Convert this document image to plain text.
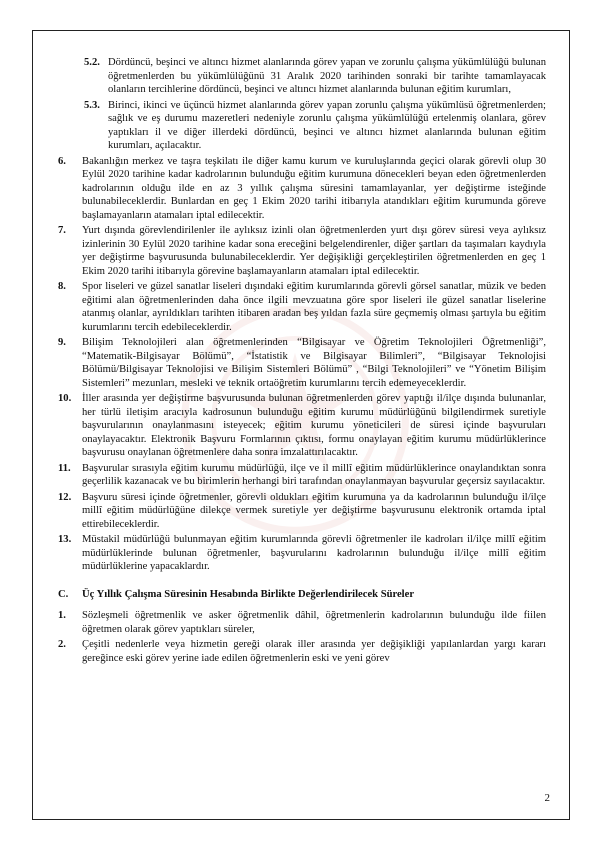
5.2. Dördüncü, beşinci ve altıncı hizmet alanlarında görev yapan ve zorunlu çalışma yükümlülüğü bulunan öğretmenlerden bu yükümlülüğünü 31 Aralık 2020 tarihinden sonraki bir tarihte tamamlayacak olanların tercihlerine dördüncü, beşinci ve altıncı hizmet alanlarında bulunan eğitim kurumları,
5.3. Birinci, ikinci ve üçüncü hizmet alanlarında görev yapan zorunlu çalışma yükümlüsü öğretmenlerden; sağlık ve eş durumu mazeretleri nedeniyle zorunlu çalışma yükümlülüğü ertelenmiş olanlara, görev yaptıkları il ve diğer illerdeki dördüncü, beşinci ve altıncı hizmet alanlarında bulunan eğitim kurumları, açılacaktır.
6. Bakanlığın merkez ve taşra teşkilatı ile diğer kamu kurum ve kuruluşlarında geçici olarak görevli olup 30 Eylül 2020 tarihine kadar kadrolarının bulunduğu eğitim kurumuna dönecekleri beyan eden öğretmenlerden kadrolarının olduğu ilde en az 3 yıllık çalışma süresini tamamlayanlar, yer değiştirme isteğinde bulunabileceklerdir. Bunlardan en geç 1 Ekim 2020 tarihi itibarıyla atandıkları eğitim kurumunda göreve başlamayanların atamaları iptal edilecektir.
7. Yurt dışında görevlendirilenler ile aylıksız izinli olan öğretmenlerden yurt dışı görev süresi veya aylıksız izinlerinin 30 Eylül 2020 tarihine kadar sona ereceğini belgelendirenler, diğer şartları da taşımaları kaydıyla yer değiştirme başvurusunda bulunabileceklerdir. Yer değişikliği gerçekleştirilen öğretmenlerden en geç 1 Ekim 2020 tarihi itibarıyla görevine başlamayanların atamaları iptal edilecektir.
8. Spor liseleri ve güzel sanatlar liseleri dışındaki eğitim kurumlarında görevli görsel sanatlar, müzik ve beden eğitimi alan öğretmenlerinden daha önce ilgili mevzuatına göre spor liseleri ile güzel sanatlar liselerine atanmış olanlar, ayrıldıkları tarihten itibaren aradan beş yıldan fazla süre geçmemiş olması şartıyla bu eğitim kurumlarını tercih edebileceklerdir.
9. Bilişim Teknolojileri alan öğretmenlerinden “Bilgisayar ve Öğretim Teknolojileri Öğretmenliği”, “Matematik-Bilgisayar Bölümü”, “İstatistik ve Bilgisayar Bilimleri”, “Bilgisayar Teknolojisi Bölümü/Bilgisayar Teknolojisi ve Bilişim Sistemleri Bölümü” , “Bilgi Teknolojileri” ve “Yönetim Bilişim Sistemleri” mezunları, mesleki ve teknik ortaöğretim kurumlarını tercih edemeyeceklerdir.
10. İller arasında yer değiştirme başvurusunda bulunan öğretmenlerden görev yaptığı il/ilçe dışında bulunanlar, her türlü iletişim aracıyla kadrosunun bulunduğu eğitim kurumu müdürlüğünü bilgilendirmek suretiyle başvurularının onaylanmasını isteyecek; eğitim kurumu yöneticileri de süresi içinde başvuruları onaylayacaktır. Elektronik Başvuru Formlarının çıktısı, formu onaylayan eğitim kurumu müdürlüklerince başvurusu onaylanan öğretmenlere daha sonra imzalattırılacaktır.
11. Başvurular sırasıyla eğitim kurumu müdürlüğü, ilçe ve il millî eğitim müdürlüklerince onaylandıktan sonra geçerlilik kazanacak ve bu birimlerin herhangi biri tarafından onaylanmayan başvurular geçersiz sayılacaktır.
12. Başvuru süresi içinde öğretmenler, görevli oldukları eğitim kurumuna ya da kadrolarının bulunduğu il/ilçe millî eğitim müdürlüğüne dilekçe vermek suretiyle yer değiştirme başvurusunu elektronik ortamda iptal ettirebileceklerdir.
13. Müstakil müdürlüğü bulunmayan eğitim kurumlarında görevli öğretmenler ile kadroları il/ilçe millî eğitim müdürlüklerinde bulunan öğretmenler, başvurularını kadrolarının bulunduğu il/ilçe millî eğitim müdürlüklerine yapacaklardır.
C. Üç Yıllık Çalışma Süresinin Hesabında Birlikte Değerlendirilecek Süreler
1. Sözleşmeli öğretmenlik ve asker öğretmenlik dâhil, öğretmenlerin kadrolarının bulunduğu ilde fiilen öğretmen olarak görev yaptıkları süreler,
2. Çeşitli nedenlerle veya hizmetin gereği olarak iller arasında yer değişikliği yapılanlardan yargı kararı gereğince eski görev yerine iade edilen öğretmenlerin eski ve yeni görev
2
